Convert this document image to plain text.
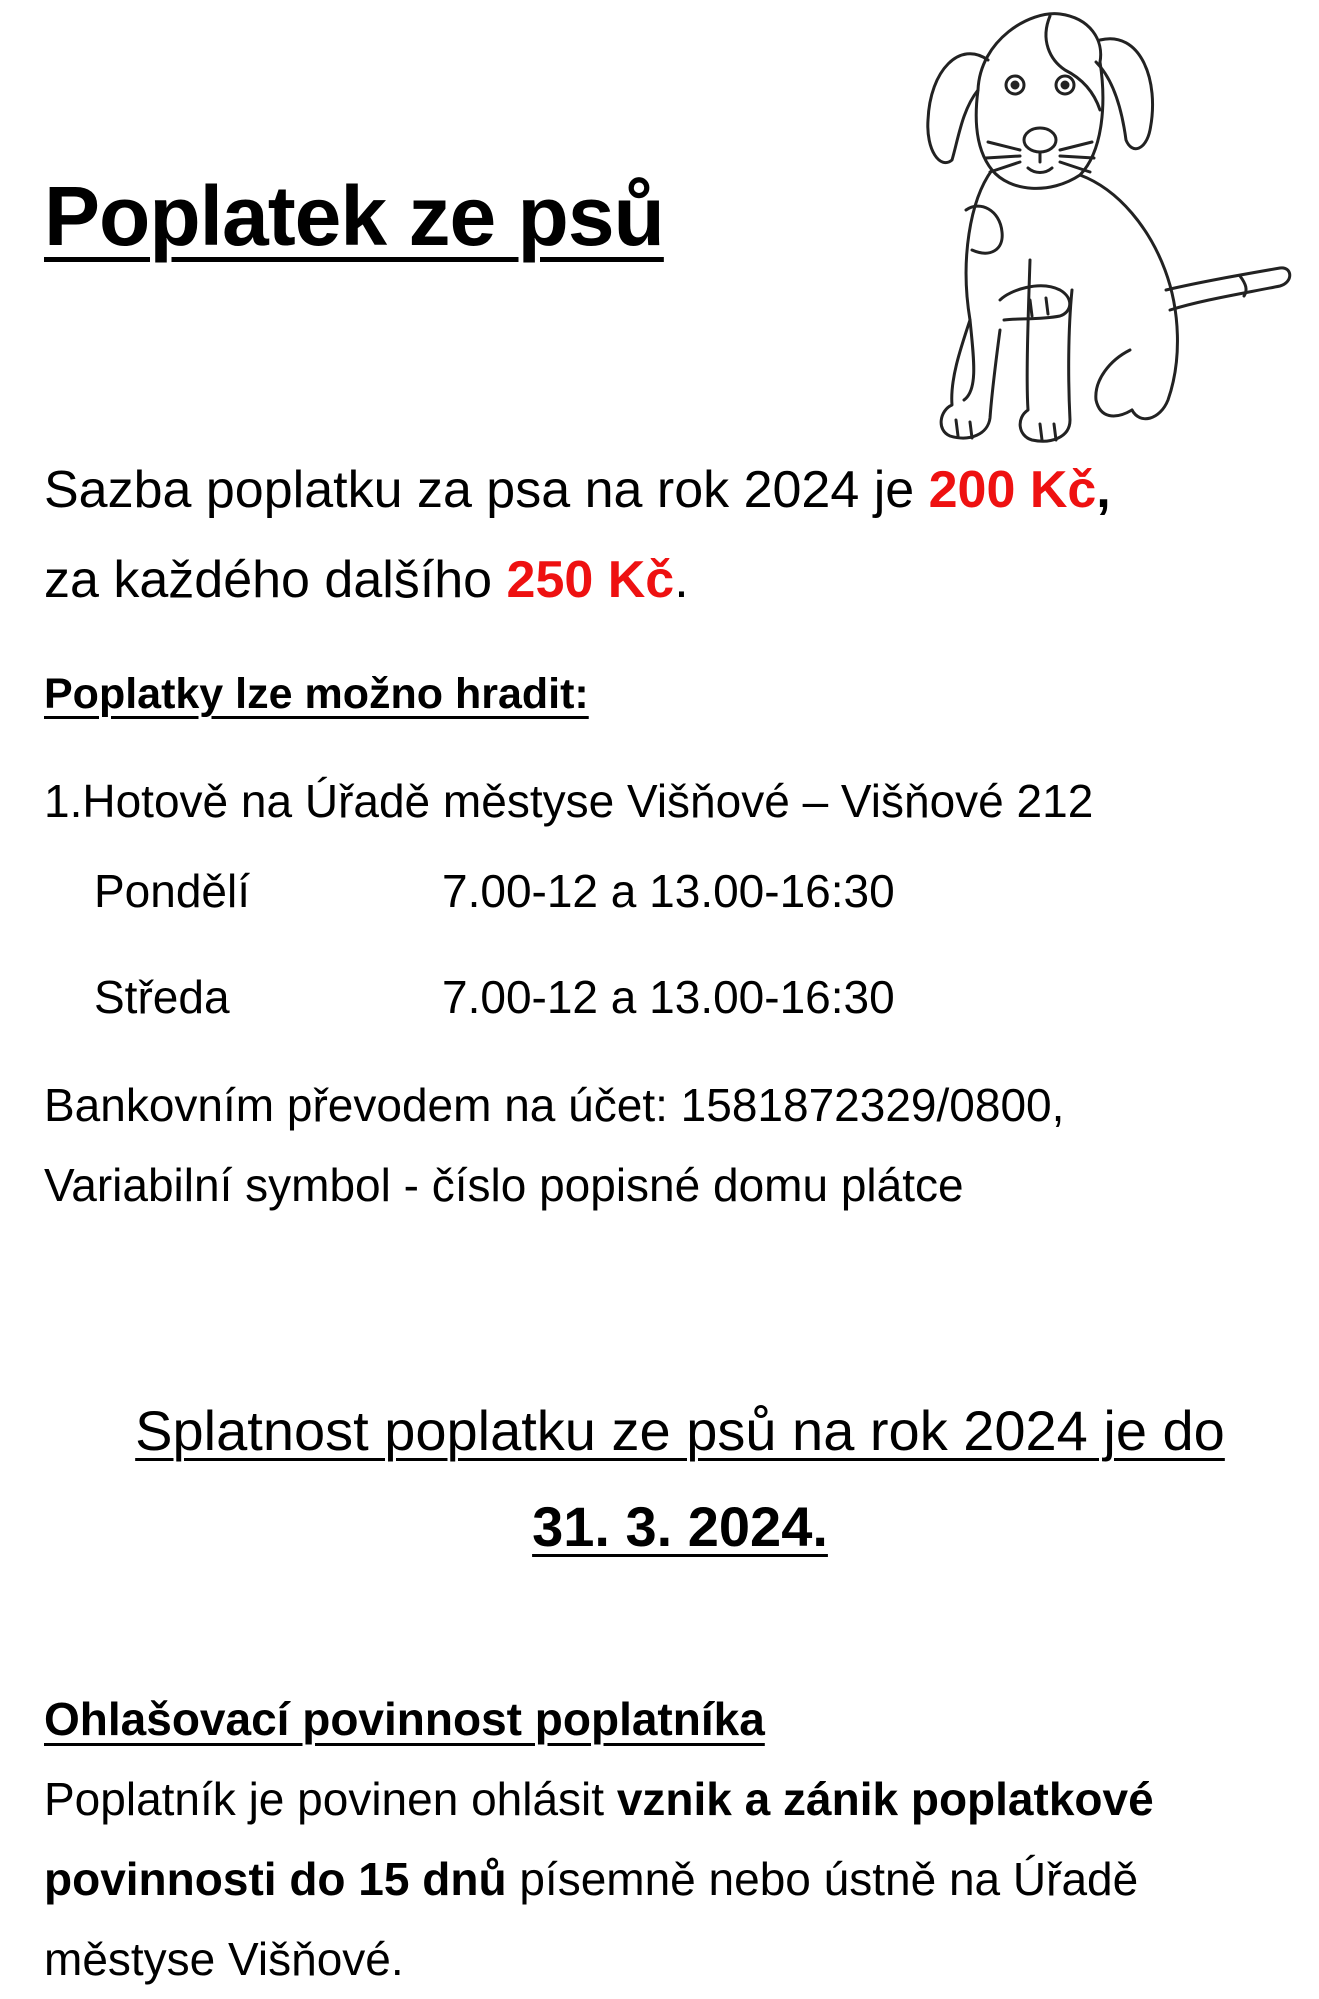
Poplatek ze psů
Sazba poplatku za psa na rok 2024 je 200 Kč,
za každého dalšího 250 Kč.
Poplatky lze možno hradit:
1.Hotově na Úřadě městyse Višňové – Višňové 212
Pondělí	7.00-12 a 13.00-16:30
Středa	7.00-12 a 13.00-16:30
Bankovním převodem na účet: 1581872329/0800,
Variabilní symbol - číslo popisné domu plátce
Splatnost poplatku ze psů na rok 2024 je do
31. 3. 2024.
Ohlašovací povinnost poplatníka
Poplatník je povinen ohlásit vznik a zánik poplatkové
povinnosti do 15 dnů písemně nebo ústně na Úřadě
městyse Višňové.
